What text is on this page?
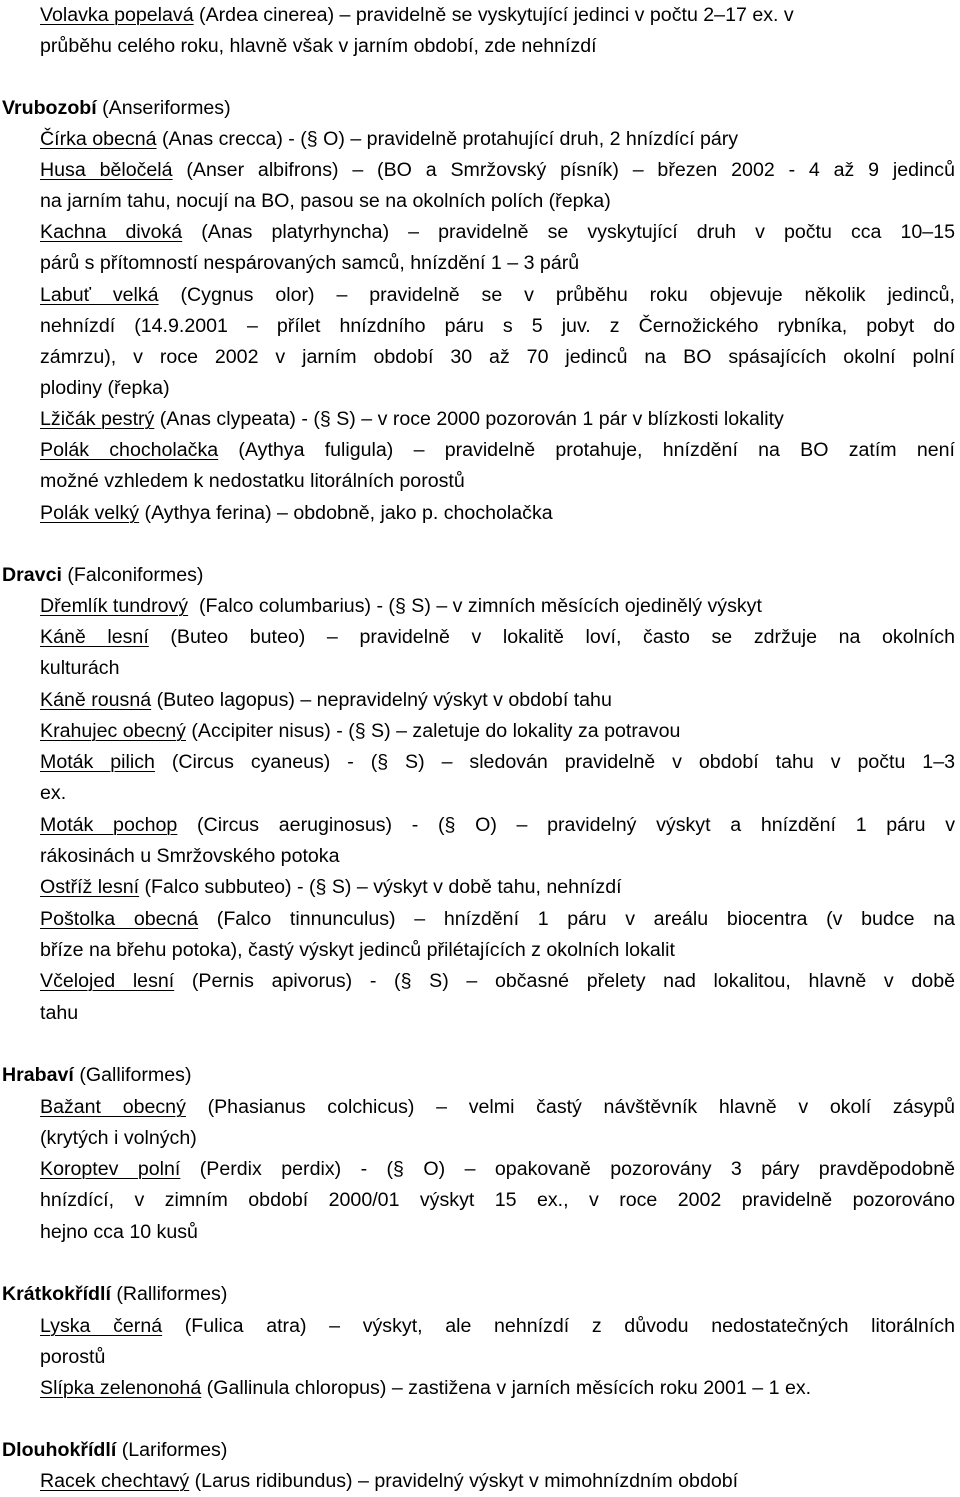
Volavka popelavá (Ardea cinerea) – pravidelně se vyskytující jedinci v počtu 2–17 ex. v
průběhu celého roku, hlavně však v jarním období, zde nehnízdí
Vrubozobí (Anseriformes)
Čírka obecná (Anas crecca) - (§ O) – pravidelně protahující druh, 2 hnízdící páry
Husa běločelá (Anser albifrons) – (BO a Smržovský písník) – březen 2002 - 4 až 9 jedinců
na jarním tahu, nocují na BO, pasou se na okolních polích (řepka)
Kachna divoká (Anas platyrhyncha) – pravidelně se vyskytující druh v počtu cca 10–15
párů s přítomností nespárovaných samců, hnízdění 1 – 3 párů
Labuť velká (Cygnus olor) – pravidelně se v průběhu roku objevuje několik jedinců,
nehnízdí (14.9.2001 – přílet hnízdního páru s 5 juv. z Černožického rybníka, pobyt do
zámrzu), v roce 2002 v jarním období 30 až 70 jedinců na BO spásajících okolní polní
plodiny (řepka)
Lžičák pestrý (Anas clypeata) - (§ S) – v roce 2000 pozorován 1 pár v blízkosti lokality
Polák chocholačka (Aythya fuligula) – pravidelně protahuje, hnízdění na BO zatím není
možné vzhledem k nedostatku litorálních porostů
Polák velký (Aythya ferina) – obdobně, jako p. chocholačka
Dravci (Falconiformes)
Dřemlík tundrový  (Falco columbarius) - (§ S) – v zimních měsících ojedinělý výskyt
Káně lesní (Buteo buteo) – pravidelně v lokalitě loví, často se zdržuje na okolních
kulturách
Káně rousná (Buteo lagopus) – nepravidelný výskyt v období tahu
Krahujec obecný (Accipiter nisus) - (§ S) – zaletuje do lokality za potravou
Moták pilich (Circus cyaneus) - (§ S) – sledován pravidelně v období tahu v počtu 1–3
ex.
Moták pochop (Circus aeruginosus) - (§ O) – pravidelný výskyt a hnízdění 1 páru v
rákosinách u Smržovského potoka
Ostříž lesní (Falco subbuteo) - (§ S) – výskyt v době tahu, nehnízdí
Poštolka obecná (Falco tinnunculus) – hnízdění 1 páru v areálu biocentra (v budce na
bříze na břehu potoka), častý výskyt jedinců přilétajících z okolních lokalit
Včelojed lesní (Pernis apivorus) - (§ S) – občasné přelety nad lokalitou, hlavně v době
tahu
Hrabaví (Galliformes)
Bažant obecný (Phasianus colchicus) – velmi častý návštěvník hlavně v okolí zásypů
(krytých i volných)
Koroptev polní (Perdix perdix) - (§ O) – opakovaně pozorovány 3 páry pravděpodobně
hnízdící, v zimním období 2000/01 výskyt 15 ex., v roce 2002 pravidelně pozorováno
hejno cca 10 kusů
Krátkokřídlí (Ralliformes)
Lyska černá (Fulica atra) – výskyt, ale nehnízdí z důvodu nedostatečných litorálních
porostů
Slípka zelenonohá (Gallinula chloropus) – zastižena v jarních měsících roku 2001 – 1 ex.
Dlouhokřídlí (Lariformes)
Racek chechtavý (Larus ridibundus) – pravidelný výskyt v mimohnízdním období
